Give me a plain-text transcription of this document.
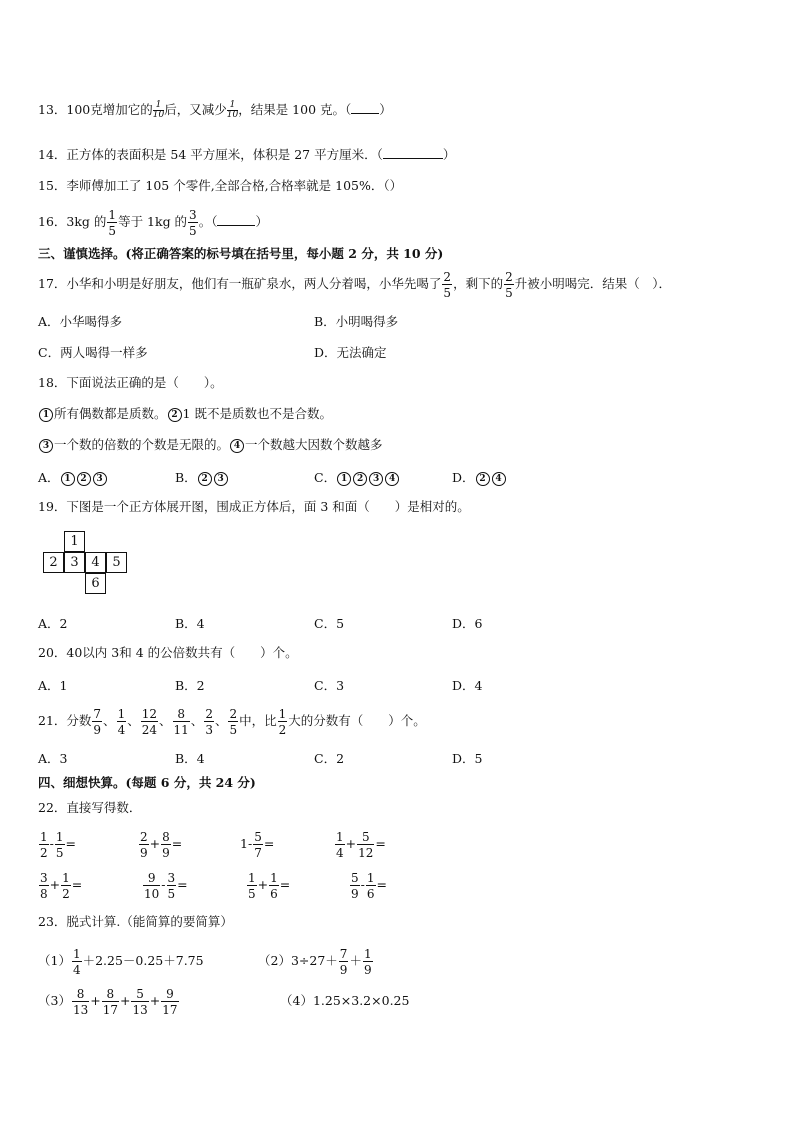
13．100克增加它的 $\frac{1}{10}$ 后，又减少 $\frac{1}{10}$ ，结果是 100 克。（ ）
14．正方体的表面积是 54 平方厘米，体积是 27 平方厘米．（	）
15．李师傅加工了 105 个零件,全部合格,合格率就是 105%．（）
16．3kg 的 $\frac{1}{5}$ 等于 1kg 的 $\frac{3}{5}$ 。（	）
三、谨慎选择。(将正确答案的标号填在括号里，每小题 2 分，共 10 分)
17．小华和小明是好朋友，他们有一瓶矿泉水，两人分着喝，小华先喝了 $\frac{2}{5}$ ，剩下的 $\frac{2}{5}$ 升被小明喝完．结果（　）．
A．小华喝得多	B．小明喝得多
C．两人喝得一样多	D．无法确定
18．下面说法正确的是（　　）。
1 所有偶数都是质数。 2 1 既不是质数也不是合数。
3 一个数的倍数的个数是无限的。 4 一个数越大因数个数越多
A． 1 2 3	B． 2 3	C． 1 2 3 4	D． 2 4
19．下图是一个正方体展开图，围成正方体后，面 3 和面（　　）是相对的。
1
2 3 4 5
6
A．2	B．4	C．5	D．6
20．40以内 3和 4 的公倍数共有（　　）个。
A．1	B．2	C．3	D．4
21．分数 $\frac{7}{9}$ 、 $\frac{1}{4}$ 、 $\frac{12}{24}$ 、 $\frac{8}{11}$ 、 $\frac{2}{3}$ 、 $\frac{2}{5}$ 中，比 $\frac{1}{2}$ 大的分数有（　　）个。
A．3	B．4	C．2	D．5
四、细想快算。(每题 6 分，共 24 分)
22．直接写得数．
$\frac{1}{2} - \frac{1}{5}$ =	$\frac{2}{9} + \frac{8}{9}$ =	$1- \frac{5}{7}$ =	$\frac{1}{4} + \frac{5}{12}$ =
$\frac{3}{8} + \frac{1}{2}$ =	$\frac{9}{10} - \frac{3}{5}$ =	$\frac{1}{5} + \frac{1}{6}$ =	$\frac{5}{9} - \frac{1}{6}$ =
23．脱式计算.（能简算的要简算）
$(1) \frac{1}{4} +2.25-0.25+7.75$	$(2)3\div 27+ \frac{7}{9} + \frac{1}{9}$
$(3) \frac{8}{13} + \frac{8}{17} + \frac{5}{13} + \frac{9}{17}$	（4）1.25×3.2×0.25
